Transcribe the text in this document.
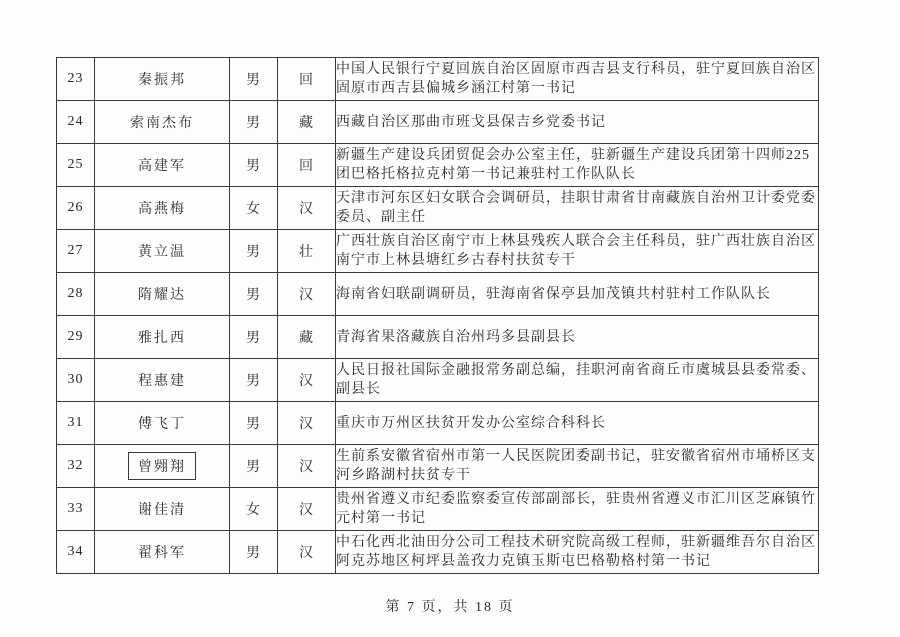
23	秦振邦	男	回	中国人民银行宁夏回族自治区固原市西吉县支行科员，驻宁夏回族自治区固原市西吉县偏城乡涵江村第一书记
24	索南杰布	男	藏	西藏自治区那曲市班戈县保吉乡党委书记
25	高建军	男	回	新疆生产建设兵团贸促会办公室主任，驻新疆生产建设兵团第十四师225团巴格托格拉克村第一书记兼驻村工作队队长
26	高燕梅	女	汉	天津市河东区妇女联合会调研员，挂职甘肃省甘南藏族自治州卫计委党委委员、副主任
27	黄立温	男	壮	广西壮族自治区南宁市上林县残疾人联合会主任科员，驻广西壮族自治区南宁市上林县塘红乡古春村扶贫专干
28	隋耀达	男	汉	海南省妇联副调研员，驻海南省保亭县加茂镇共村驻村工作队队长
29	雅扎西	男	藏	青海省果洛藏族自治州玛多县副县长
30	程惠建	男	汉	人民日报社国际金融报常务副总编，挂职河南省商丘市虞城县县委常委、副县长
31	傅飞丁	男	汉	重庆市万州区扶贫开发办公室综合科科长
32	曾翙翔	男	汉	生前系安徽省宿州市第一人民医院团委副书记，驻安徽省宿州市埇桥区支河乡路湖村扶贫专干
33	谢佳清	女	汉	贵州省遵义市纪委监察委宣传部副部长，驻贵州省遵义市汇川区芝麻镇竹元村第一书记
34	翟科军	男	汉	中石化西北油田分公司工程技术研究院高级工程师，驻新疆维吾尔自治区阿克苏地区柯坪县盖孜力克镇玉斯屯巴格勒格村第一书记
第 7 页，共 18 页
